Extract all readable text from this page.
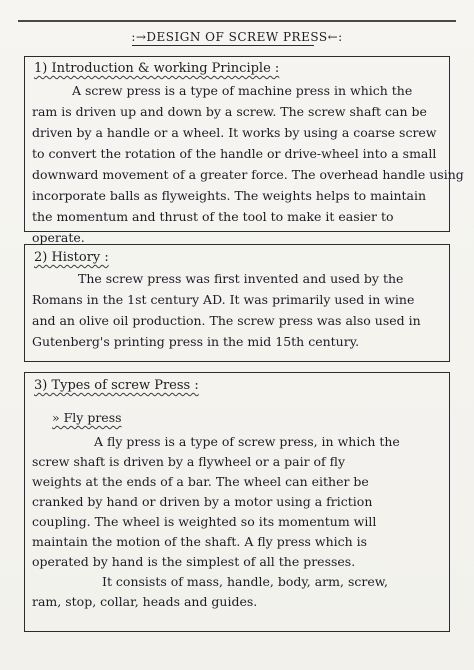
:→DESIGN OF SCREW PRESS←:
1) Introduction & working Principle :
A screw press is a type of machine press in which the
ram is driven up and down by a screw. The screw shaft can be
driven by a handle or a wheel. It works by using a coarse screw
to convert the rotation of the handle or drive-wheel into a small
downward movement of a greater force. The overhead handle using
incorporate balls as flyweights. The weights helps to maintain
the momentum and thrust of the tool to make it easier to
operate.
2) History :
The screw press was first invented and used by the
Romans in the 1st century AD. It was primarily used in wine
and an olive oil production. The screw press was also used in
Gutenberg's printing press in the mid 15th century.
3) Types of screw Press :
» Fly press
A fly press is a type of screw press, in which the
screw shaft is driven by a flywheel or a pair of fly
weights at the ends of a bar. The wheel can either be
cranked by hand or driven by a motor using a friction
coupling. The wheel is weighted so its momentum will
maintain the motion of the shaft. A fly press which is
operated by hand is the simplest of all the presses.
It consists of mass, handle, body, arm, screw,
ram, stop, collar, heads and guides.
